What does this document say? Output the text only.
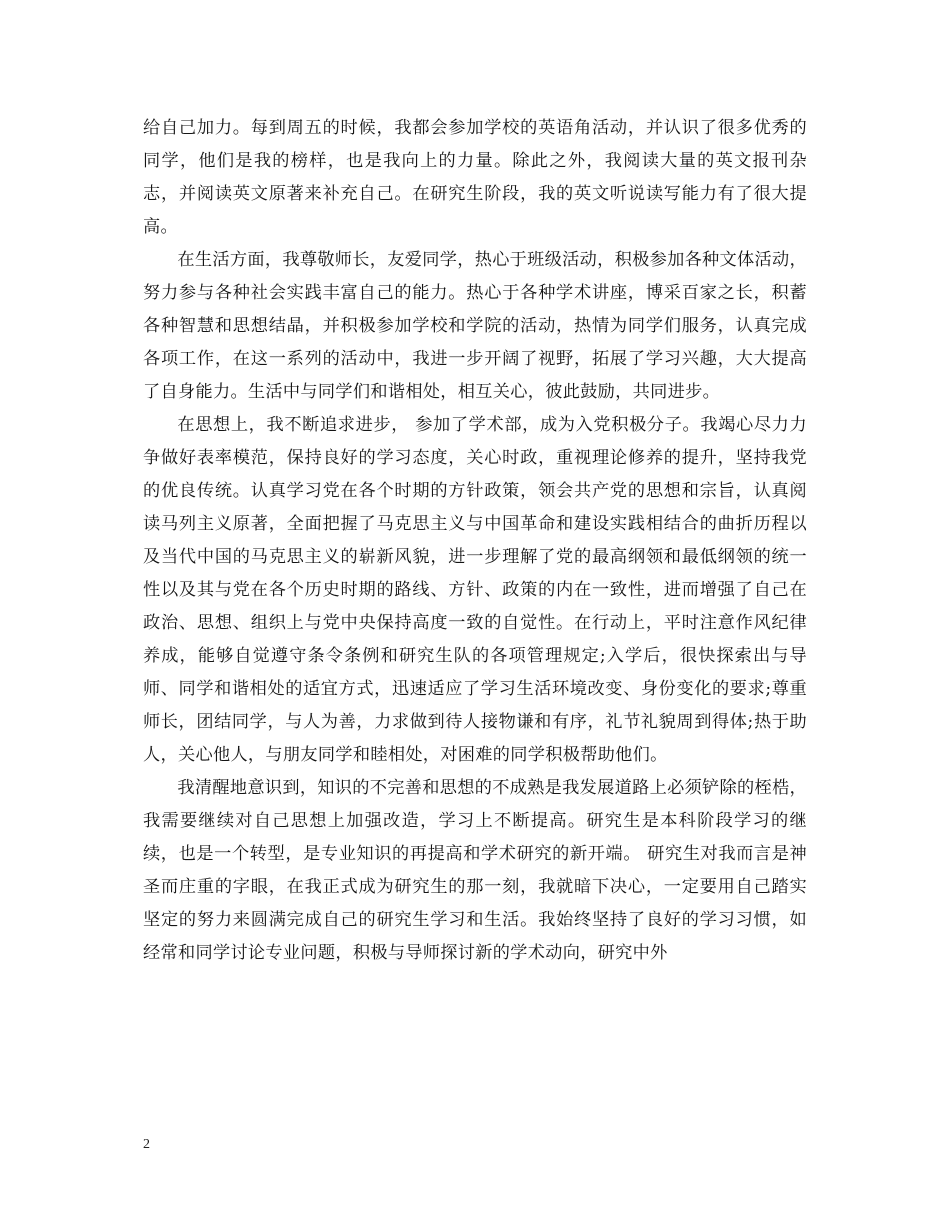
给自己加力。每到周五的时候，我都会参加学校的英语角活动，并认识了很多优秀的同学，他们是我的榜样，也是我向上的力量。除此之外，我阅读大量的英文报刊杂志，并阅读英文原著来补充自己。在研究生阶段，我的英文听说读写能力有了很大提高。

在生活方面，我尊敬师长，友爱同学，热心于班级活动，积极参加各种文体活动，努力参与各种社会实践丰富自己的能力。热心于各种学术讲座，博采百家之长，积蓄各种智慧和思想结晶，并积极参加学校和学院的活动，热情为同学们服务，认真完成各项工作，在这一系列的活动中，我进一步开阔了视野，拓展了学习兴趣，大大提高了自身能力。生活中与同学们和谐相处，相互关心，彼此鼓励，共同进步。

在思想上，我不断追求进步， 参加了学术部，成为入党积极分子。我竭心尽力力争做好表率模范，保持良好的学习态度，关心时政，重视理论修养的提升，坚持我党的优良传统。认真学习党在各个时期的方针政策，领会共产党的思想和宗旨，认真阅读马列主义原著，全面把握了马克思主义与中国革命和建设实践相结合的曲折历程以及当代中国的马克思主义的崭新风貌，进一步理解了党的最高纲领和最低纲领的统一性以及其与党在各个历史时期的路线、方针、政策的内在一致性，进而增强了自己在政治、思想、组织上与党中央保持高度一致的自觉性。在行动上，平时注意作风纪律养成，能够自觉遵守条令条例和研究生队的各项管理规定;入学后，很快探索出与导师、同学和谐相处的适宜方式，迅速适应了学习生活环境改变、身份变化的要求;尊重师长，团结同学，与人为善，力求做到待人接物谦和有序，礼节礼貌周到得体;热于助人，关心他人，与朋友同学和睦相处，对困难的同学积极帮助他们。

我清醒地意识到，知识的不完善和思想的不成熟是我发展道路上必须铲除的桎梏，我需要继续对自己思想上加强改造，学习上不断提高。研究生是本科阶段学习的继续，也是一个转型，是专业知识的再提高和学术研究的新开端。 研究生对我而言是神圣而庄重的字眼，在我正式成为研究生的那一刻，我就暗下决心，一定要用自己踏实坚定的努力来圆满完成自己的研究生学习和生活。我始终坚持了良好的学习习惯，如经常和同学讨论专业问题，积极与导师探讨新的学术动向，研究中外

2
